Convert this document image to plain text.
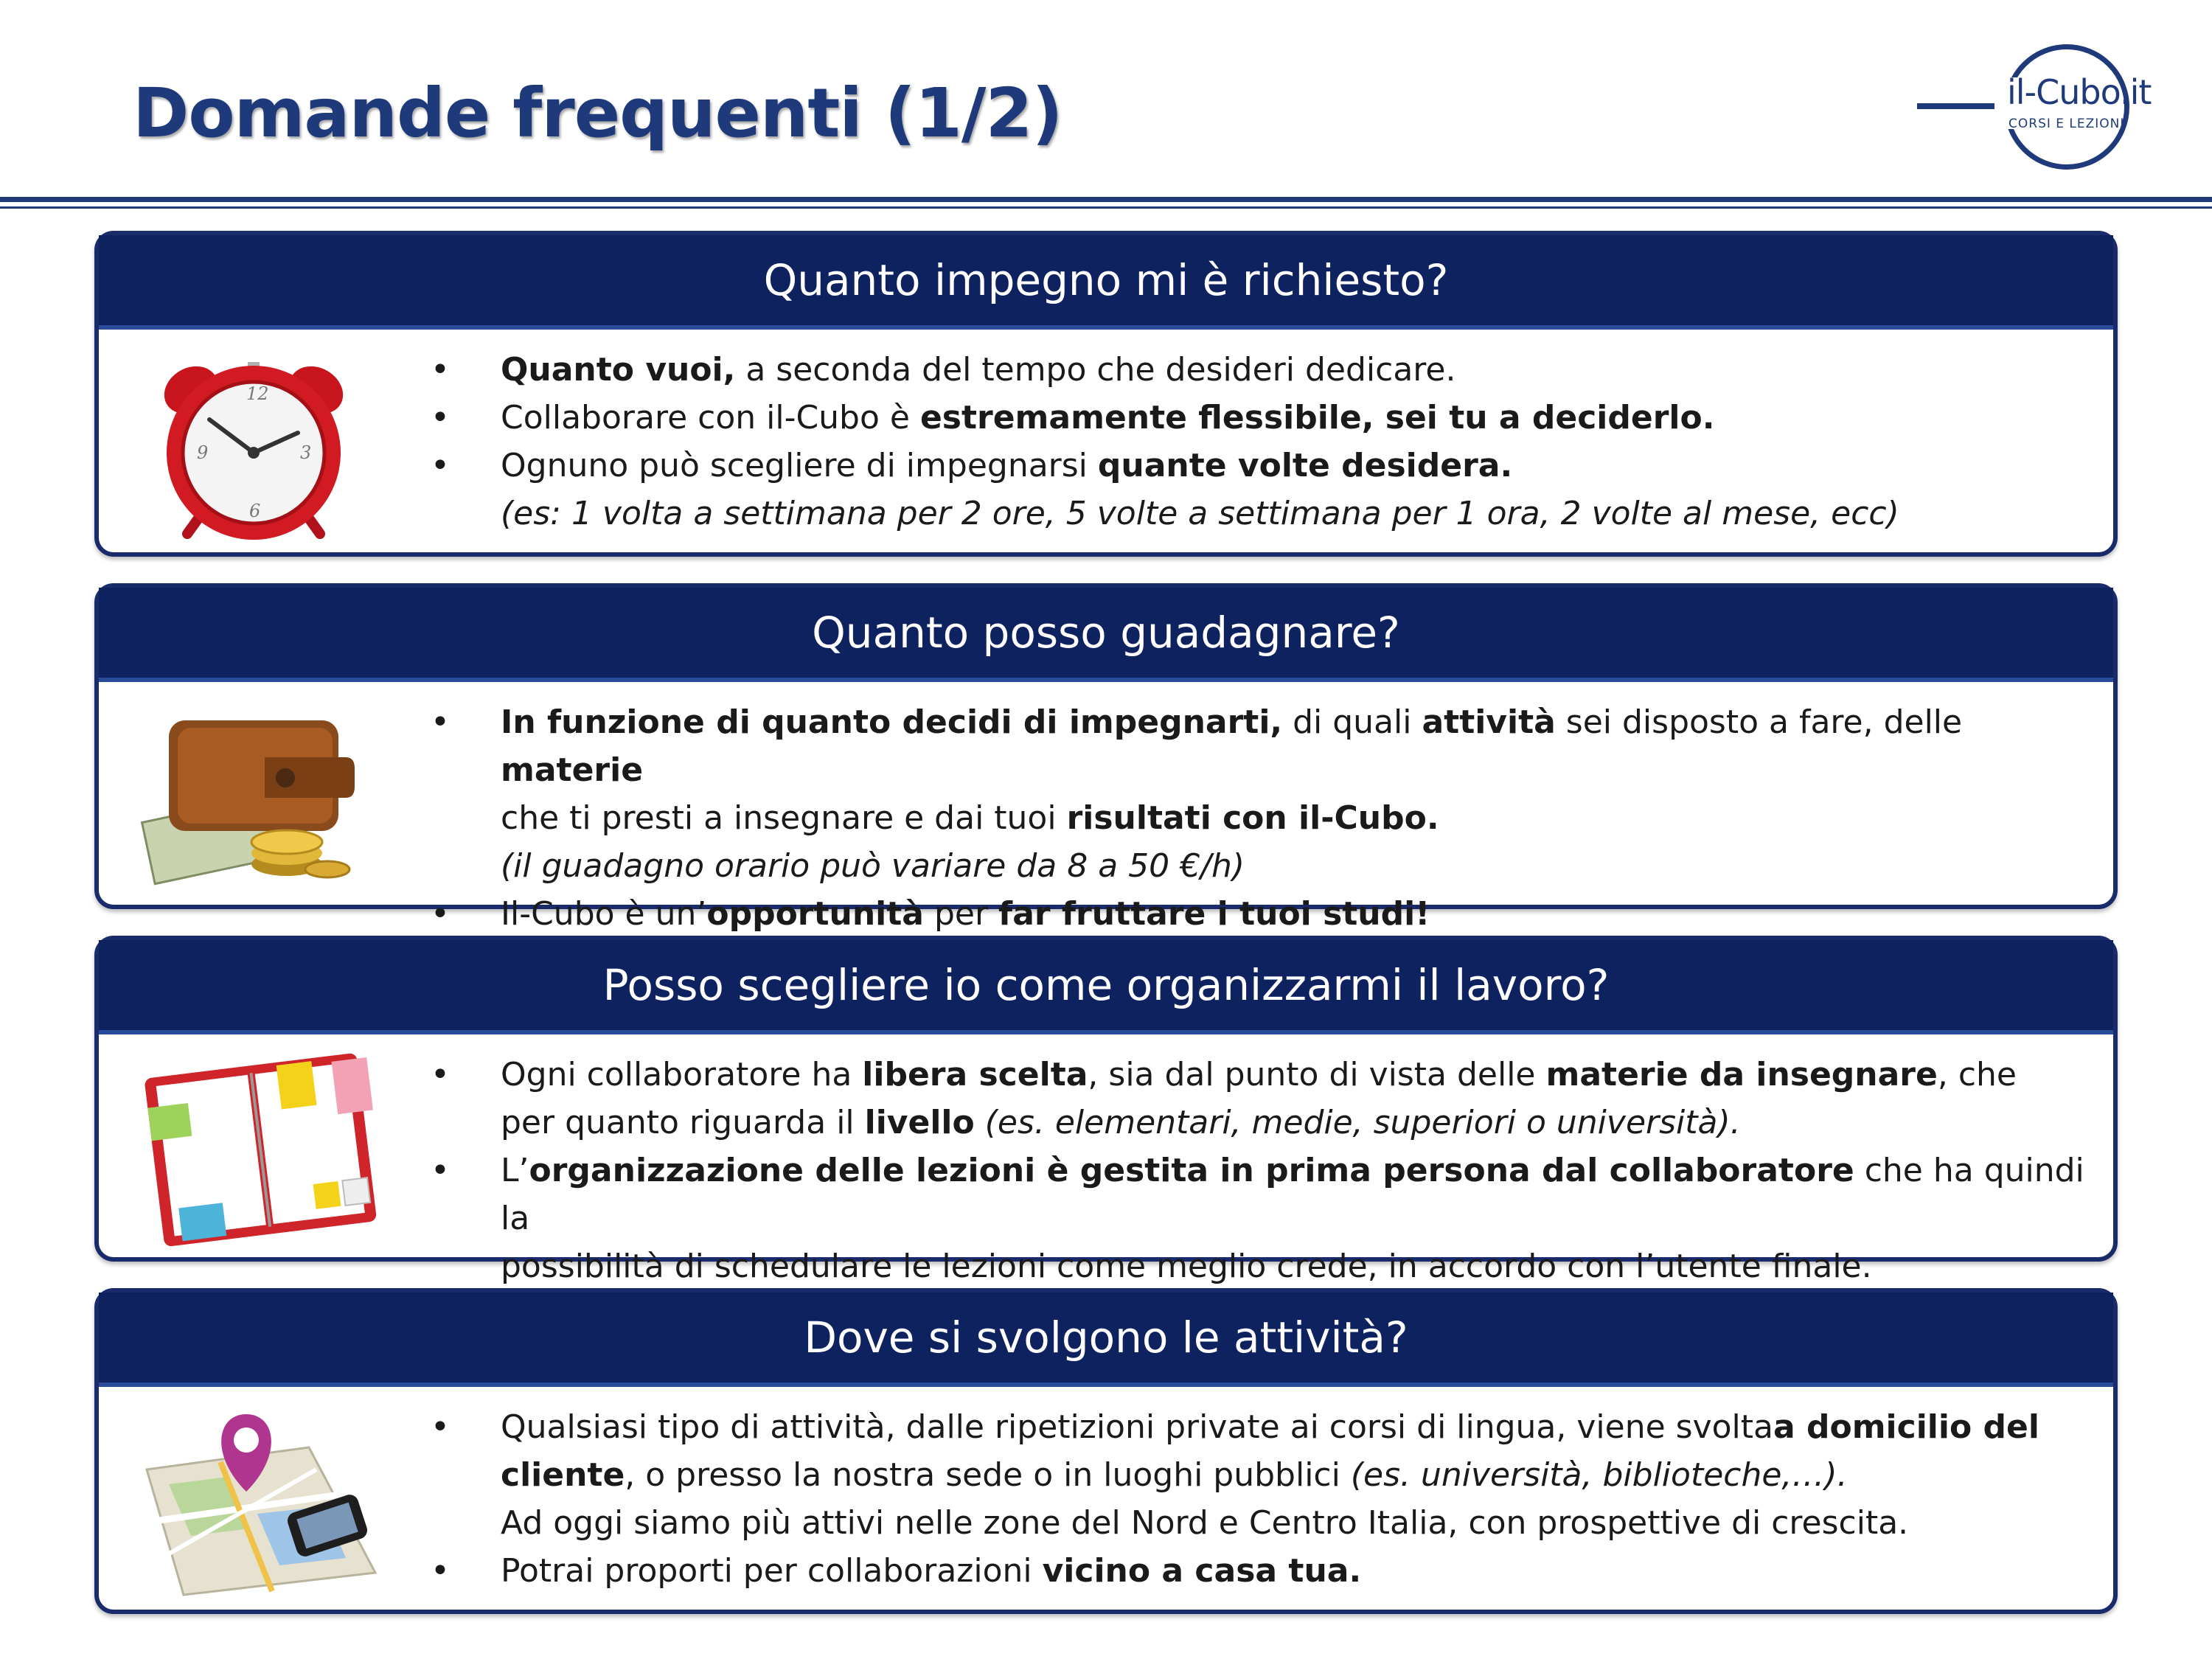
Domande frequenti (1/2)	il-Cubo.it
CORSI E LEZIONI
Quanto impegno mi è richiesto?
12
3
6
9
• Quanto vuoi, a seconda del tempo che desideri dedicare.
• Collaborare con il-Cubo è estremamente flessibile, sei tu a deciderlo.
• Ognuno può scegliere di impegnarsi quante volte desidera.
(es: 1 volta a settimana per 2 ore, 5 volte a settimana per 1 ora, 2 volte al mese, ecc)
Quanto posso guadagnare?
• In funzione di quanto decidi di impegnarti, di quali attività sei disposto a fare, delle materie
che ti presti a insegnare e dai tuoi risultati con il-Cubo.
(il guadagno orario può variare da 8 a 50 €/h)
• Il-Cubo è un’opportunità per far fruttare i tuoi studi!
Posso scegliere io come organizzarmi il lavoro?
• Ogni collaboratore ha libera scelta, sia dal punto di vista delle materie da insegnare, che
per quanto riguarda il livello (es. elementari, medie, superiori o università).
• L’organizzazione delle lezioni è gestita in prima persona dal collaboratore che ha quindi la
possibilità di schedulare le lezioni come meglio crede, in accordo con l’utente finale.
Dove si svolgono le attività?
• Qualsiasi tipo di attività, dalle ripetizioni private ai corsi di lingua, viene svoltaa domicilio del
cliente, o presso la nostra sede o in luoghi pubblici (es. università, biblioteche,…).
Ad oggi siamo più attivi nelle zone del Nord e Centro Italia, con prospettive di crescita.
• Potrai proporti per collaborazioni vicino a casa tua.
